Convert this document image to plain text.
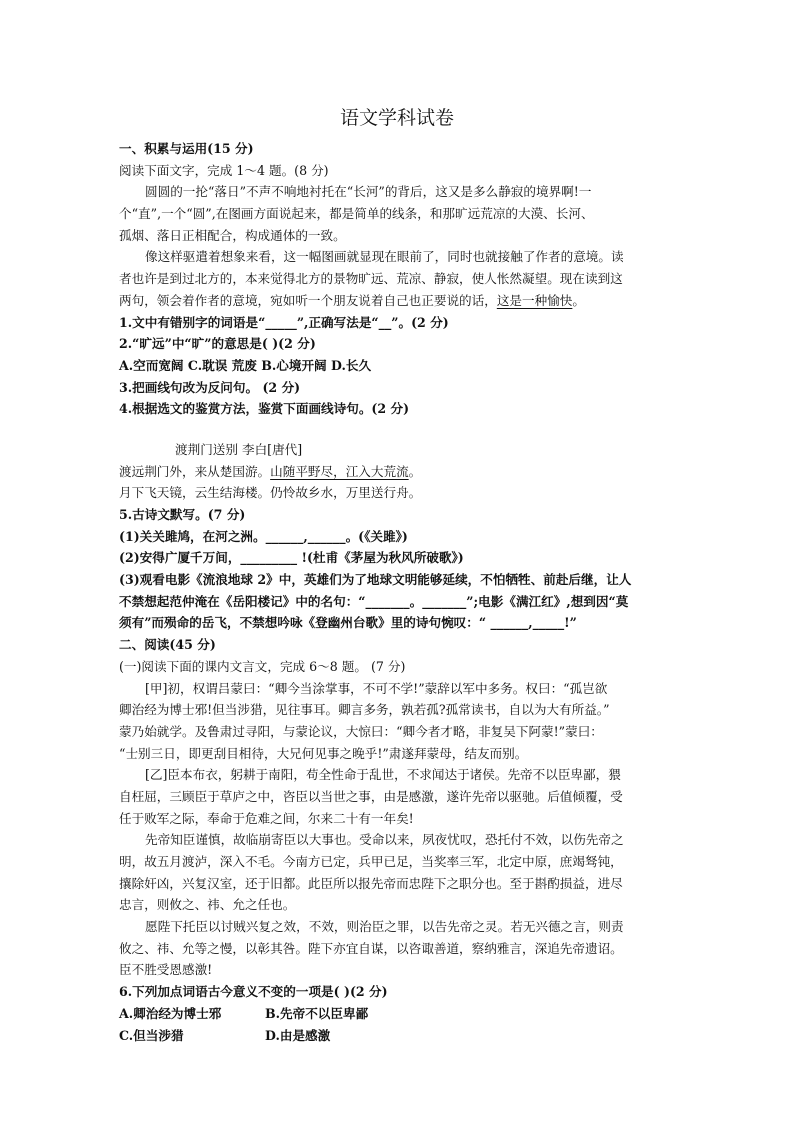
语文学科试卷
一、积累与运用(15 分)
阅读下面文字，完成 1～4 题。(8 分)
圆圆的一抡“落日”不声不响地衬托在“长河”的背后，这又是多么静寂的境界啊!一
个“直”,一个“圆”,在图画方面说起来，都是简单的线条，和那旷远荒凉的大漠、长河、
孤烟、落日正相配合，构成通体的一致。
像这样驱遣着想象来看，这一幅图画就显现在眼前了，同时也就接触了作者的意境。读
者也许是到过北方的，本来觉得北方的景物旷远、荒凉、静寂，使人怅然凝望。现在读到这
两句，领会着作者的意境，宛如听一个朋友说着自己也正要说的话，这是一种愉快。
1.文中有错别字的词语是“_____”,正确写法是“__”。(2 分)
2.“旷远”中“旷”的意思是( )(2 分)
A.空而宽阔 C.耽误 荒废 B.心境开阔 D.长久
3.把画线句改为反问句。 (2 分)
4.根据选文的鉴赏方法，鉴赏下面画线诗句。(2 分)
渡荆门送别 李白[唐代]
渡远荆门外，来从楚国游。山随平野尽，江入大荒流。
月下飞天镜，云生结海楼。仍怜故乡水，万里送行舟。
5.古诗文默写。(7 分)
(1)关关雎鸠，在河之洲。______,______。(《关雎》)
(2)安得广厦千万间，_________ !(杜甫《茅屋为秋风所破歌》)
(3)观看电影《流浪地球 2》中，英雄们为了地球文明能够延续，不怕牺牲、前赴后继，让人
不禁想起范仲淹在《岳阳楼记》中的名句：“_______。_______”;电影《满江红》,想到因“莫
须有”而殒命的岳飞，不禁想吟咏《登幽州台歌》里的诗句惋叹：“ ______,_____!”
二、阅读(45 分)
(一)阅读下面的课内文言文，完成 6～8 题。 (7 分)
[甲]初，权谓吕蒙曰：“卿今当涂掌事，不可不学!”蒙辞以军中多务。权曰：“孤岂欲
卿治经为博士邪!但当涉猎，见往事耳。卿言多务，孰若孤?孤常读书，自以为大有所益。”
蒙乃始就学。及鲁肃过寻阳，与蒙论议，大惊曰：“卿今者才略，非复吴下阿蒙!”蒙曰：
“士别三日，即更刮目相待，大兄何见事之晚乎!”肃遂拜蒙母，结友而别。
[乙]臣本布衣，躬耕于南阳，苟全性命于乱世，不求闻达于诸侯。先帝不以臣卑鄙，猥
自枉屈，三顾臣于草庐之中，咨臣以当世之事，由是感激，遂许先帝以驱驰。后值倾覆，受
任于败军之际，奉命于危难之间，尔来二十有一年矣!
先帝知臣谨慎，故临崩寄臣以大事也。受命以来，夙夜忧叹，恐托付不效，以伤先帝之
明，故五月渡泸，深入不毛。今南方已定，兵甲已足，当奖率三军，北定中原，庶竭驽钝，
攘除奸凶，兴复汉室，还于旧都。此臣所以报先帝而忠陛下之职分也。至于斟酌损益，进尽
忠言，则攸之、祎、允之任也。
愿陛下托臣以讨贼兴复之效，不效，则治臣之罪，以告先帝之灵。若无兴德之言，则责
攸之、祎、允等之慢，以彰其咎。陛下亦宜自谋，以咨诹善道，察纳雅言，深追先帝遗诏。
臣不胜受恩感激!
6.下列加点词语古今意义不变的一项是( )(2 分)
A.卿治经为博士邪	B.先帝不以臣卑鄙
C.但当涉猎	D.由是感激
